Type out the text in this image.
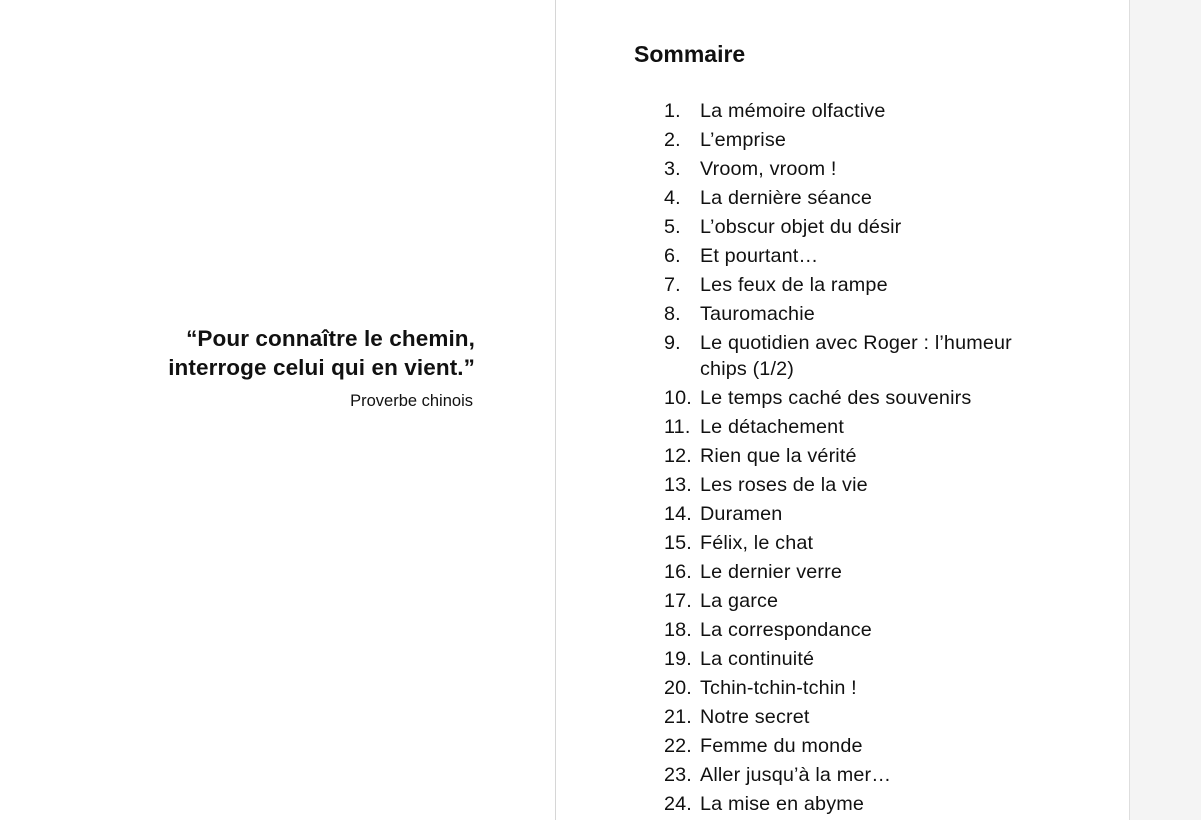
“Pour connaître le chemin,
interroge celui qui en vient.”

Proverbe chinois

Sommaire
1. La mémoire olfactive
2. L’emprise
3. Vroom, vroom !
4. La dernière séance
5. L’obscur objet du désir
6. Et pourtant…
7. Les feux de la rampe
8. Tauromachie
9. Le quotidien avec Roger : l’humeur chips (1/2)
10. Le temps caché des souvenirs
11. Le détachement
12. Rien que la vérité
13. Les roses de la vie
14. Duramen
15. Félix, le chat
16. Le dernier verre
17. La garce
18. La correspondance
19. La continuité
20. Tchin-tchin-tchin !
21. Notre secret
22. Femme du monde
23. Aller jusqu’à la mer…
24. La mise en abyme
